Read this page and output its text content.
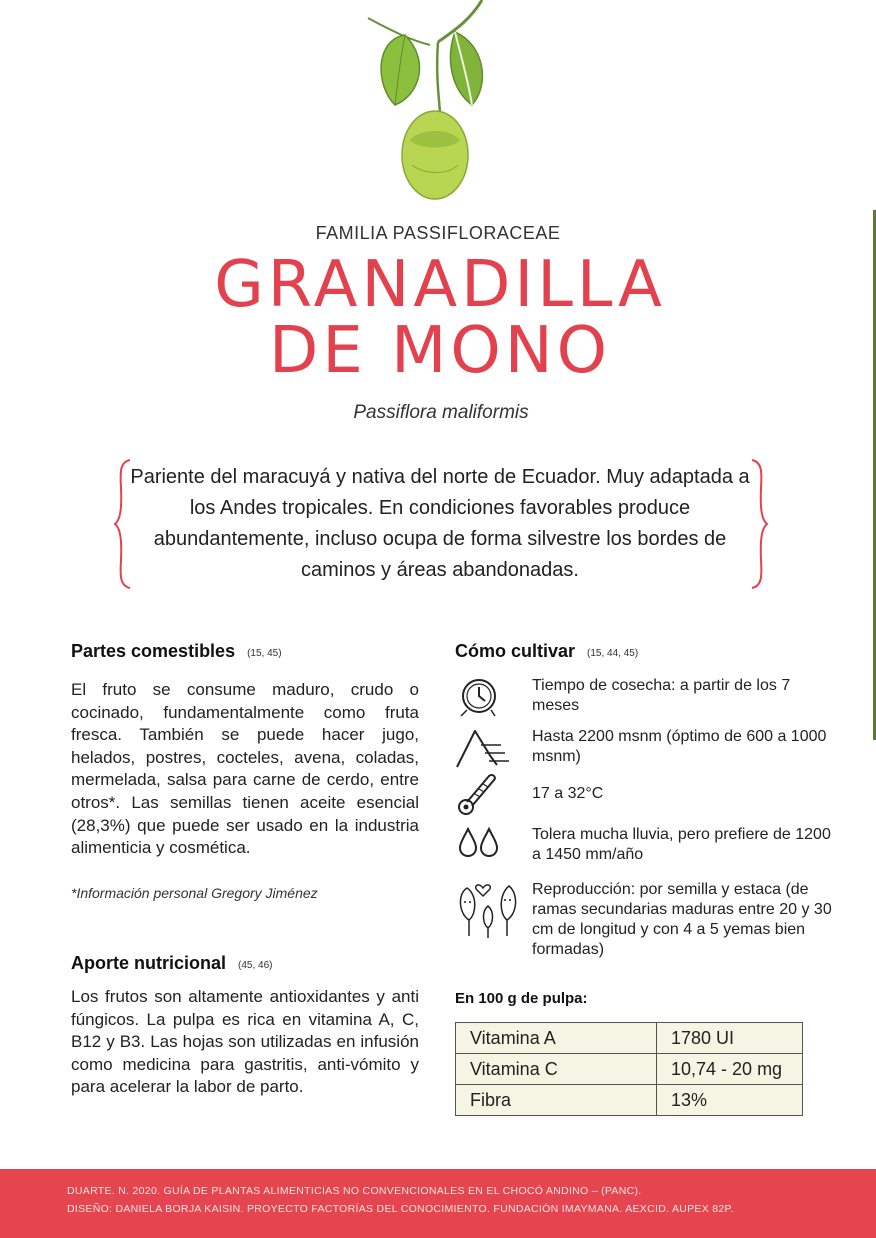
FAMILIA PASSIFLORACEAE
GRANADILLA
DE MONO
Passiflora maliformis
Pariente del maracuyá y nativa del norte de Ecuador. Muy adaptada a los Andes tropicales. En condiciones favorables produce abundantemente, incluso ocupa de forma silvestre los bordes de caminos y áreas abandonadas.
Partes comestibles (15, 45)
El fruto se consume maduro, crudo o cocinado, fundamentalmente como fruta fresca. También se puede hacer jugo, helados, postres, cocteles, avena, coladas, mermelada, salsa para carne de cerdo, entre otros*. Las semillas tienen aceite esencial (28,3%) que puede ser usado en la industria alimenticia y cosmética.
*Información personal Gregory Jiménez
Aporte nutricional (45, 46)
Los frutos son altamente antioxidantes y anti fúngicos. La pulpa es rica en vitamina A, C, B12 y B3. Las hojas son utilizadas en infusión como medicina para gastritis, anti-vómito y para acelerar la labor de parto.
Cómo cultivar (15, 44, 45)
Tiempo de cosecha: a partir de los 7 meses
Hasta 2200 msnm (óptimo de 600 a 1000 msnm)
17 a 32°C
Tolera mucha lluvia, pero prefiere de 1200 a 1450 mm/año
Reproducción: por semilla y estaca (de ramas secundarias maduras entre 20 y 30 cm de longitud y con 4 a 5 yemas bien formadas)
En 100 g de pulpa:
Vitamina A	1780 UI
Vitamina C	10,74 - 20 mg
Fibra	13%
DUARTE. N. 2020. GUÍA DE PLANTAS ALIMENTICIAS NO CONVENCIONALES EN EL CHOCÓ ANDINO – (PANC).
DISEÑO: DANIELA BORJA KAISIN. PROYECTO FACTORÍAS DEL CONOCIMIENTO. FUNDACIÓN IMAYMANA. AEXCID. AUPEX 82P.
